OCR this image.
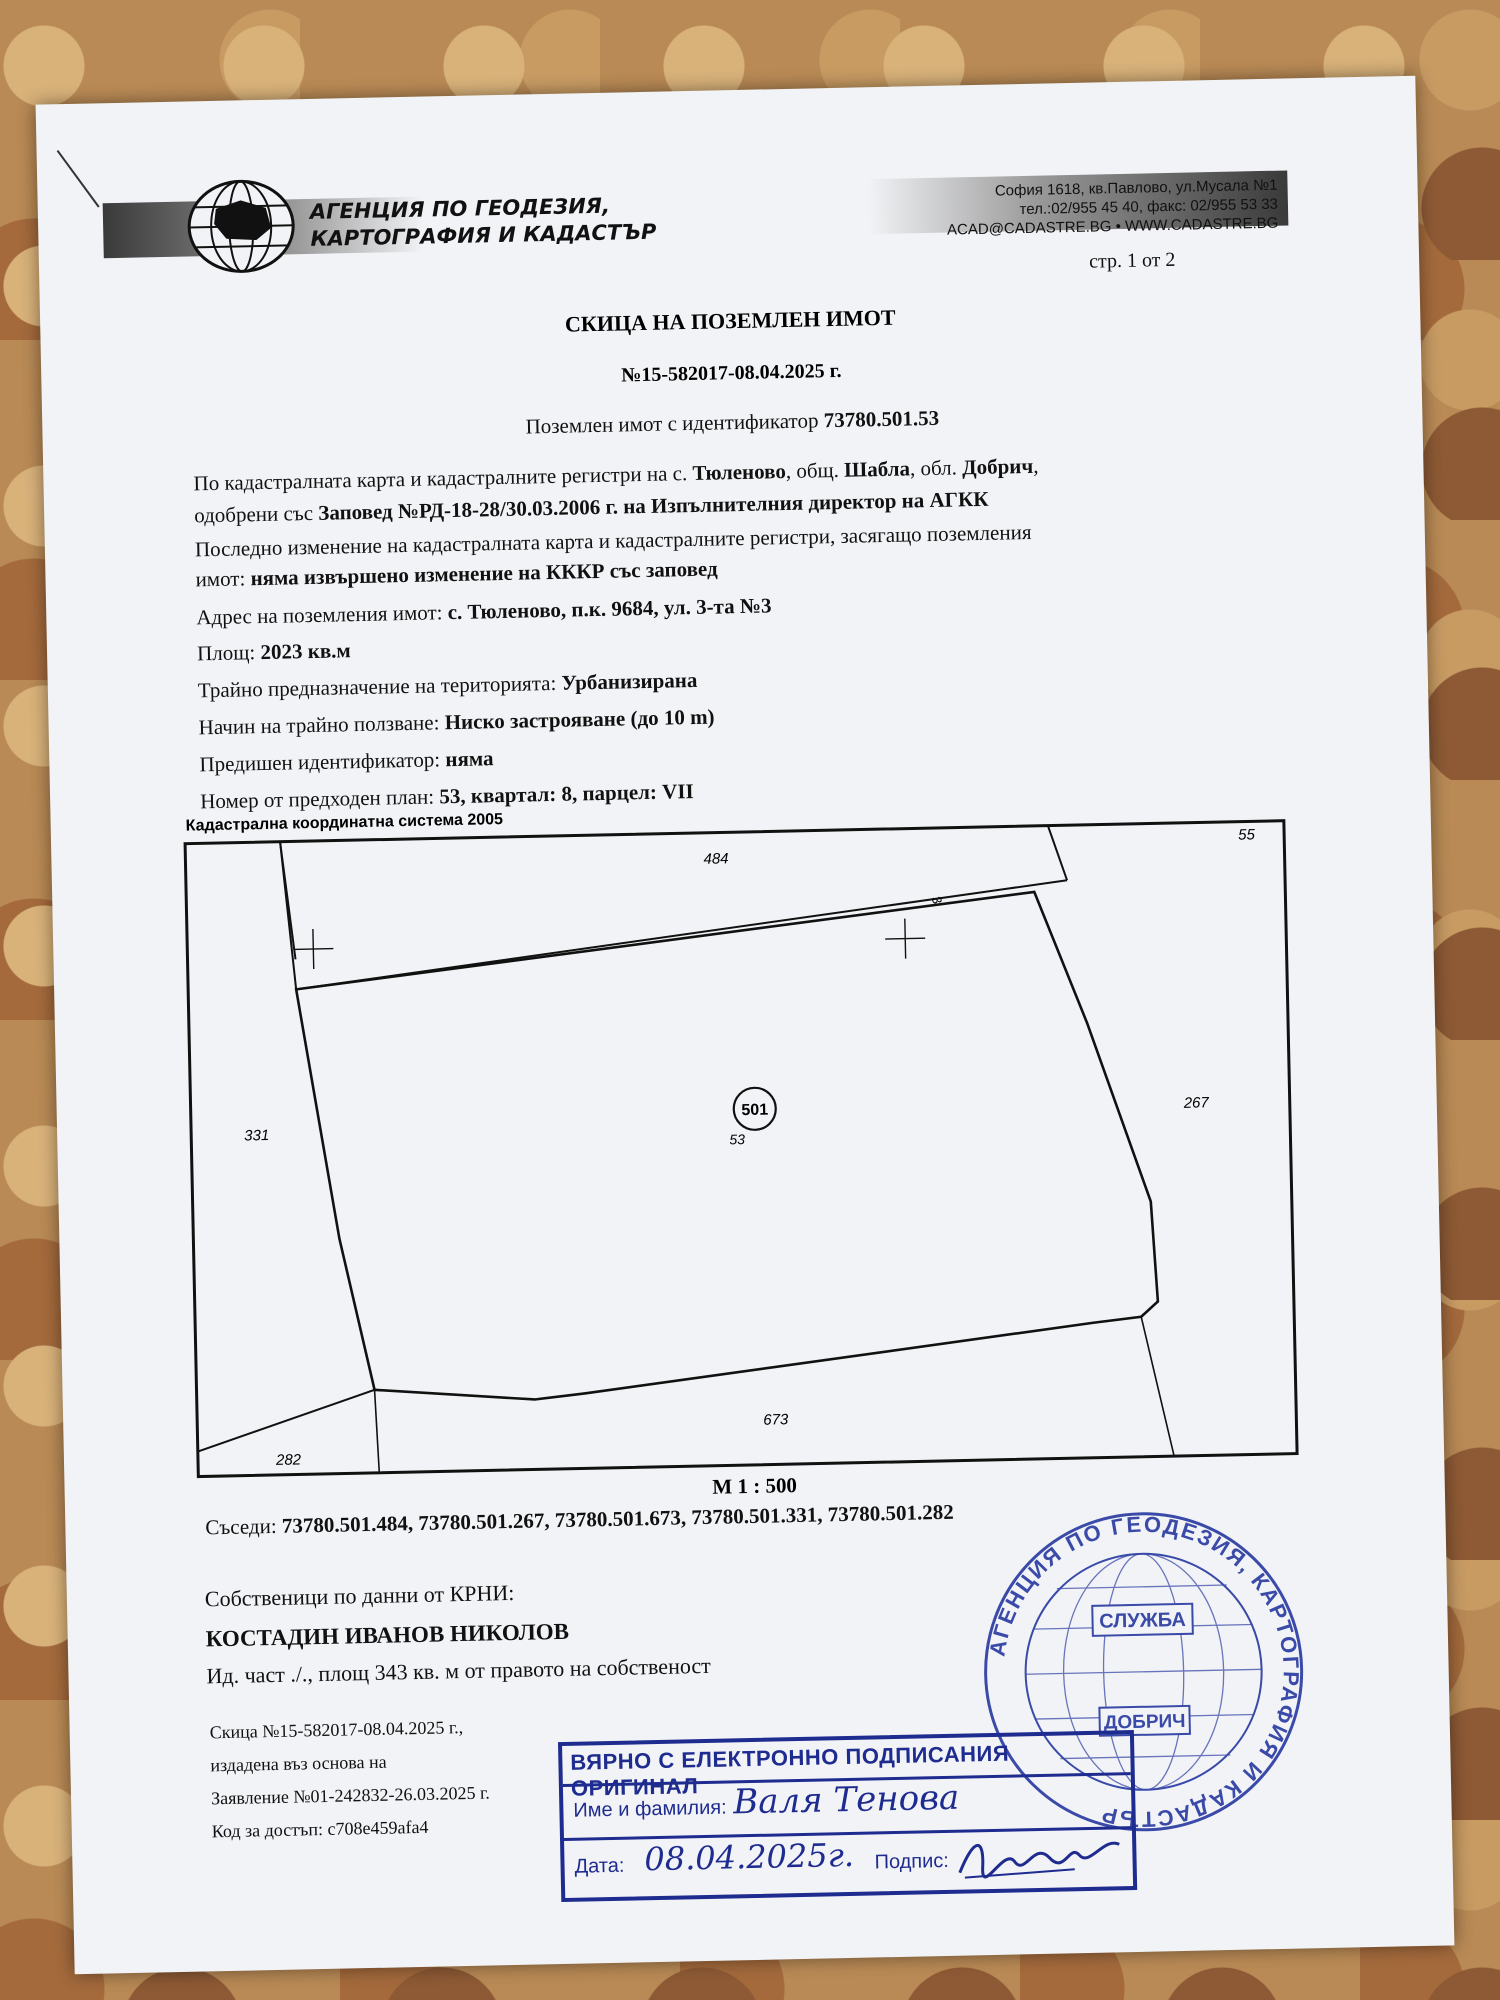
АГЕНЦИЯ ПО ГЕОДЕЗИЯ,
КАРТОГРАФИЯ И КАДАСТЪР
София 1618, кв.Павлово, ул.Мусала №1
тел.:02/955 45 40, факс: 02/955 53 33
ACAD@CADASTRE.BG • WWW.CADASTRE.BG
стр. 1 от 2
СКИЦА НА ПОЗЕМЛЕН ИМОТ
№15-582017-08.04.2025 г.
Поземлен имот с идентификатор 73780.501.53
По кадастралната карта и кадастралните регистри на с. Тюленово, общ. Шабла, обл. Добрич,
одобрени със Заповед №РД-18-28/30.03.2006 г. на Изпълнителния директор на АГКК
Последно изменение на кадастралната карта и кадастралните регистри, засягащо поземления
имот: няма извършено изменение на КККР със заповед
Адрес на поземления имот: с. Тюленово, п.к. 9684, ул. 3-та №3
Площ: 2023 кв.м
Трайно предназначение на територията: Урбанизирана
Начин на трайно ползване: Ниско застрояване (до 10 m)
Предишен идентификатор: няма
Номер от предходен план: 53, квартал: 8, парцел: VII
Кадастрална координатна система 2005
484
55
3
331
501
53
267
673
282
М 1 : 500
Съседи: 73780.501.484, 73780.501.267, 73780.501.673, 73780.501.331, 73780.501.282
Собственици по данни от КРНИ:
КОСТАДИН ИВАНОВ НИКОЛОВ
Ид. част ./., площ 343 кв. м от правото на собственост
Скица №15-582017-08.04.2025 г.,
издадена въз основа на
Заявление №01-242832-26.03.2025 г.
Код за достъп: c708e459afa4
АГЕНЦИЯ ПО ГЕОДЕЗИЯ, КАРТОГРАФИЯ И КАДАСТЪР
СЛУЖБА
ДОБРИЧ
ВЯРНО С ЕЛЕКТРОННО ПОДПИСАНИЯ ОРИГИНАЛ
Име и фамилия: Валя Тенова
Дата: 08.04.2025г. Подпис:
